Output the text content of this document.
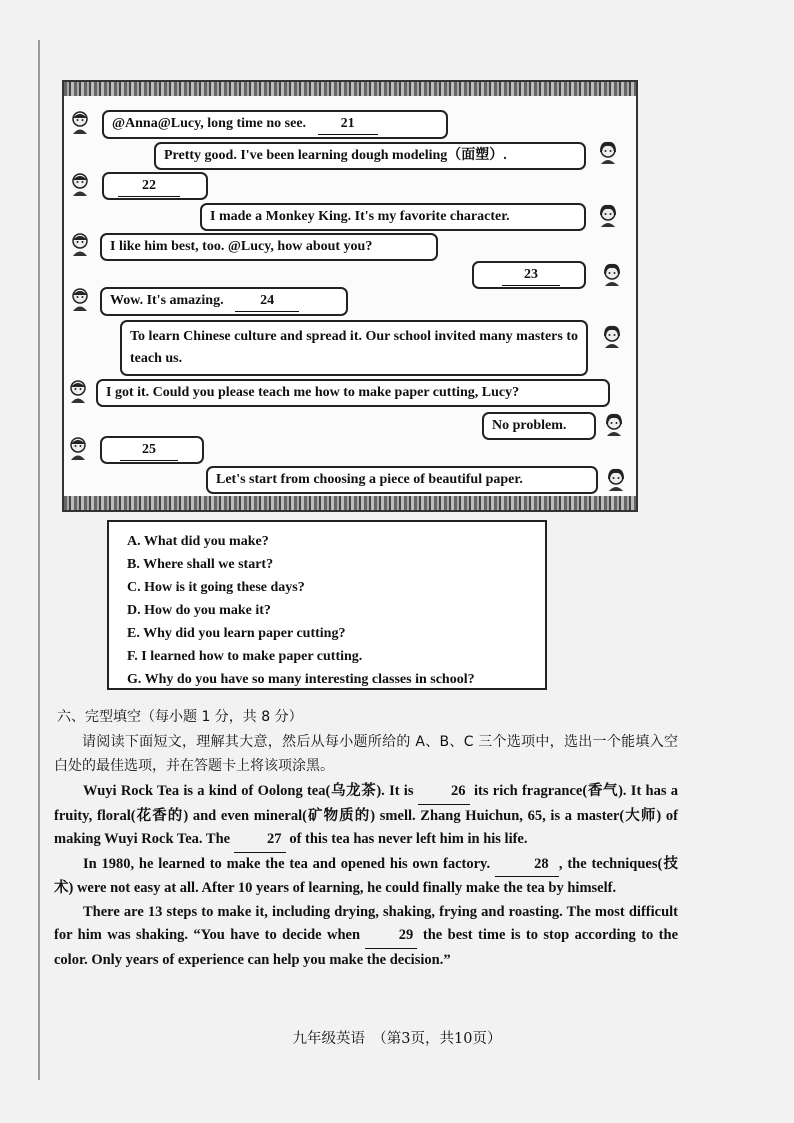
@Anna@Lucy, long time no see. 21
Pretty good. I've been learning dough modeling（面塑）.
22
I made a Monkey King. It's my favorite character.
I like him best, too. @Lucy, how about you?
23
Wow. It's amazing.	24
To learn Chinese culture and spread it. Our school invited many masters to teach us.
I got it. Could you please teach me how to make paper cutting, Lucy?
No problem.
25
Let's start from choosing a piece of beautiful paper.
A. What did you make?
B. Where shall we start?
C. How is it going these days?
D. How do you make it?
E. Why did you learn paper cutting?
F. I learned how to make paper cutting.
G. Why do you have so many interesting classes in school?
六、完型填空（每小题 1 分，共 8 分）

请阅读下面短文，理解其大意，然后从每小题所给的 A、B、C 三个选项中，选出一个能填入空白处的最佳选项，并在答题卡上将该项涂黑。

Wuyi Rock Tea is a kind of Oolong tea(乌龙茶). It is	26 its rich fragrance(香气). It has a fruity, floral(花香的) and even mineral(矿物质的) smell. Zhang Huichun, 65, is a master(大师) of making Wuyi Rock Tea. The	27 of this tea has never left him in his life.

In 1980, he learned to make the tea and opened his own factory.	28 , the techniques(技术) were not easy at all. After 10 years of learning, he could finally make the tea by himself.

There are 13 steps to make it, including drying, shaking, frying and roasting. The most difficult for him was shaking. “You have to decide when	29 the best time is to stop according to the color. Only years of experience can help you make the decision.”

九年级英语　（第3页，共10页）
